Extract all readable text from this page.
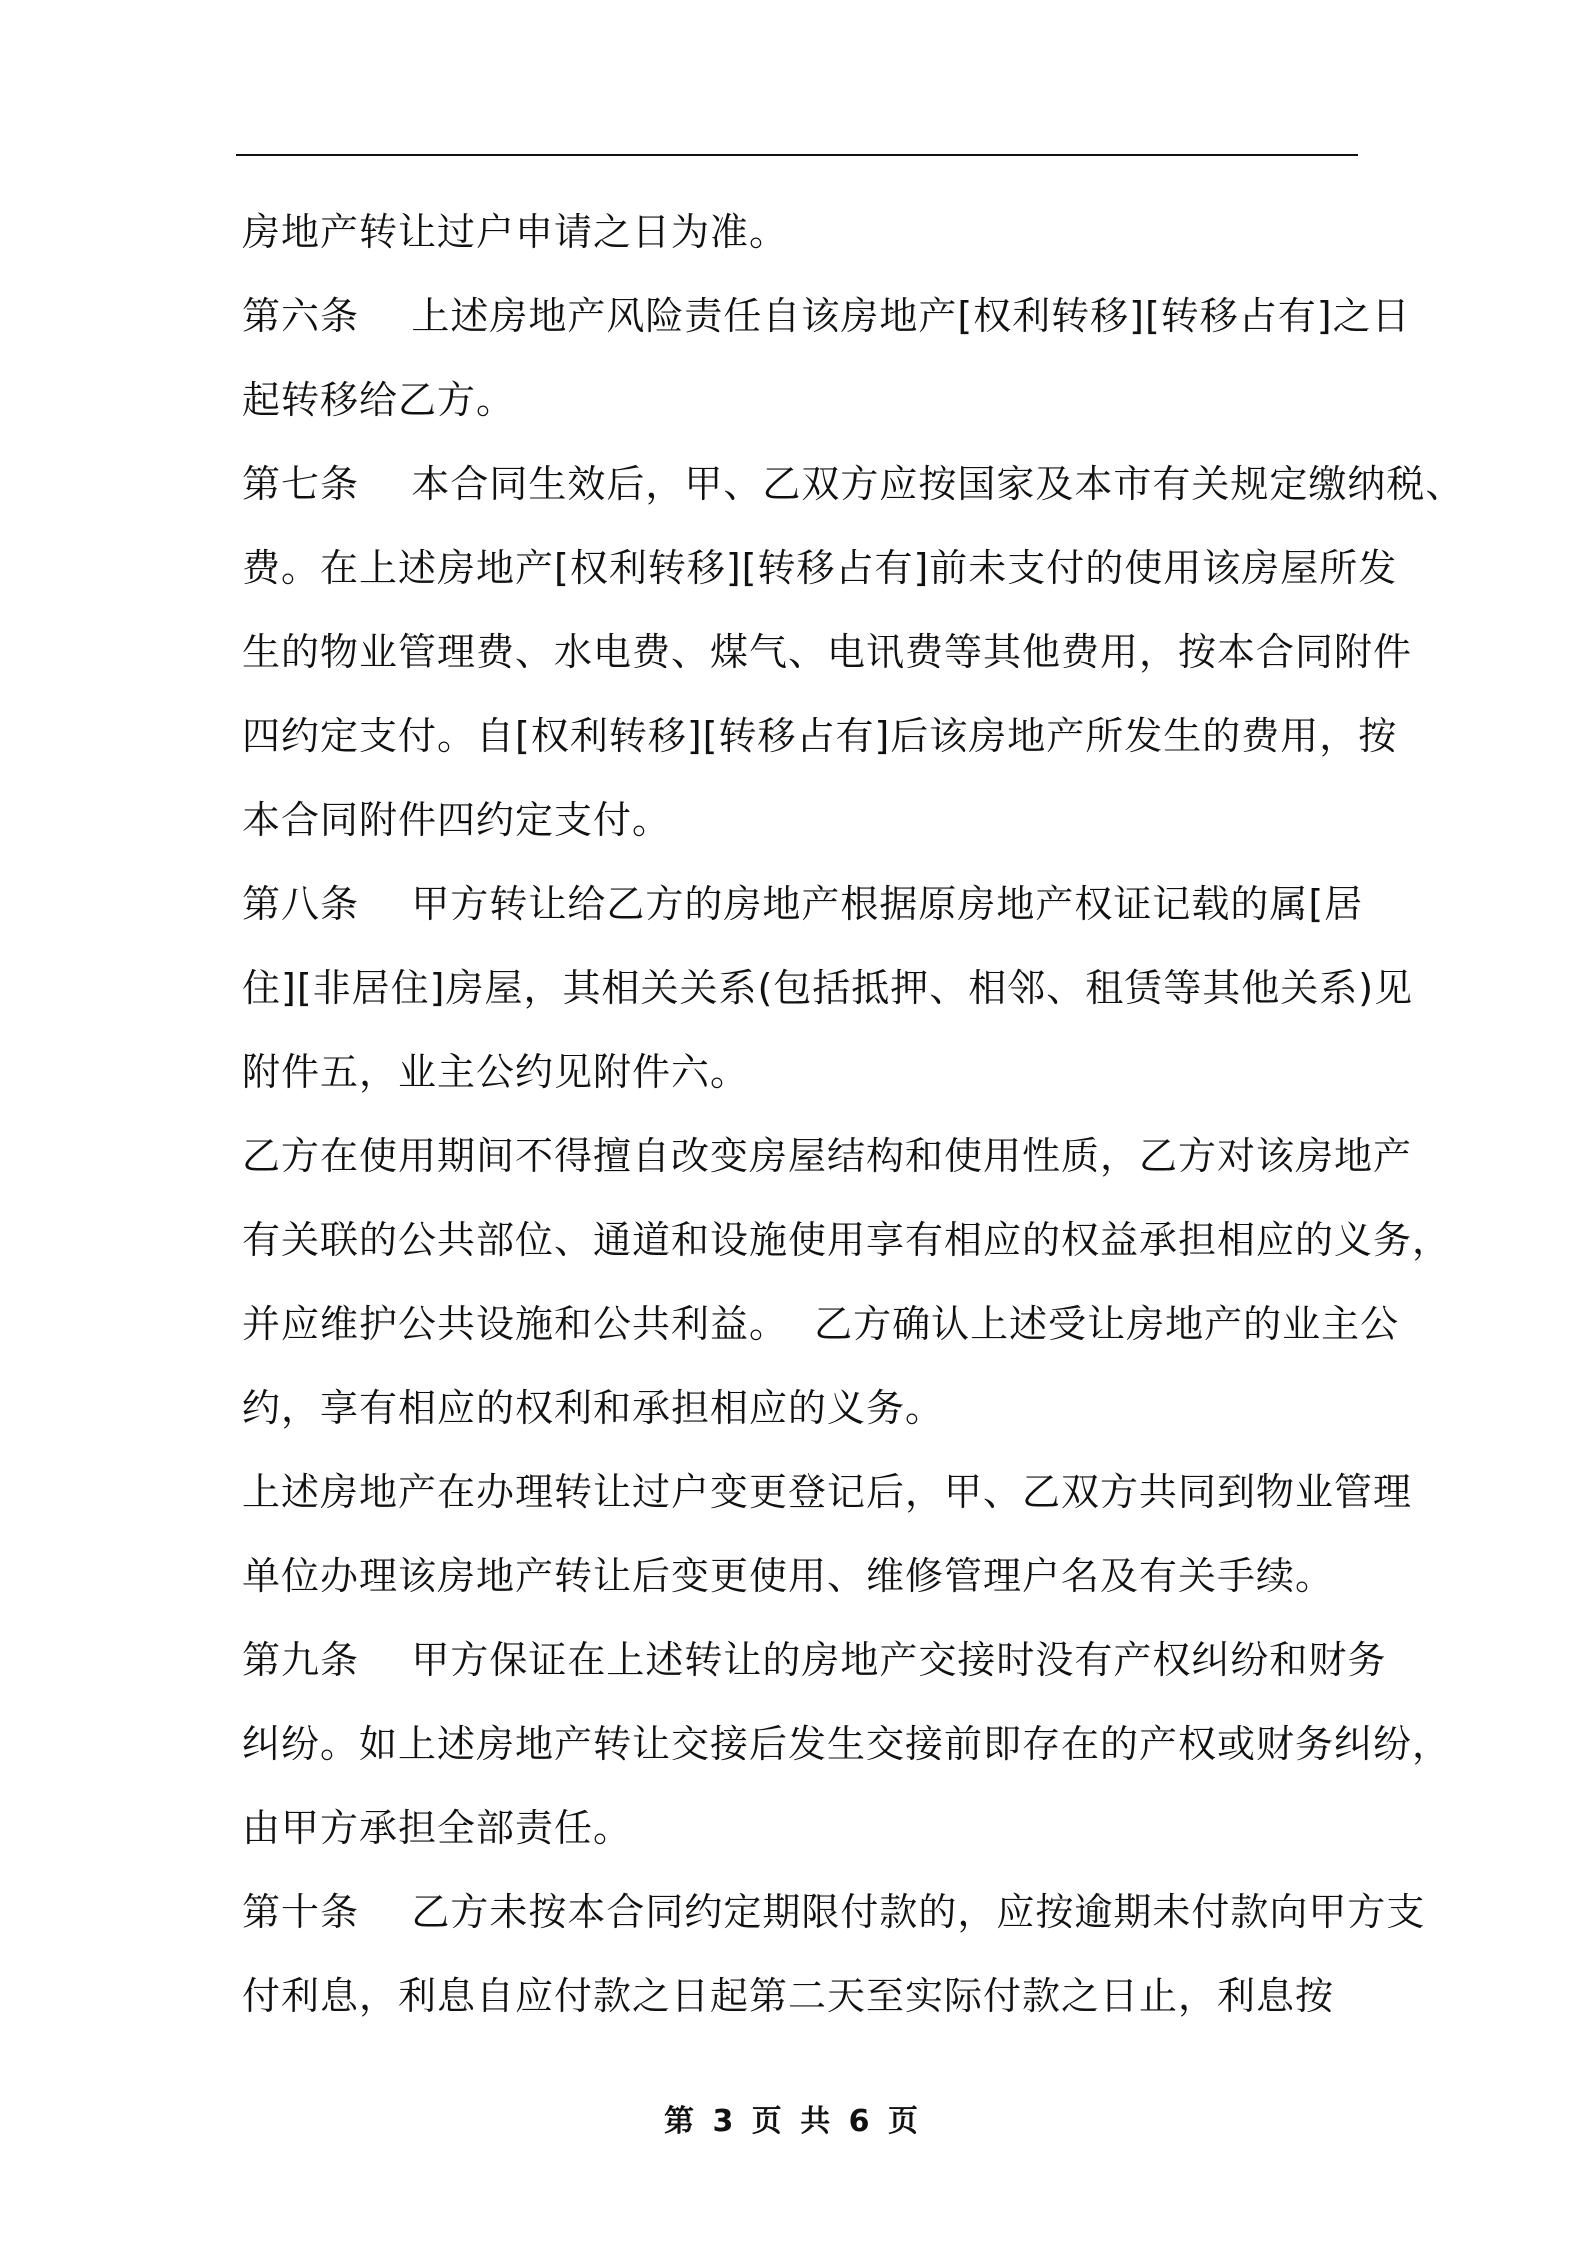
房地产转让过户申请之日为准。
第六条    上述房地产风险责任自该房地产[权利转移][转移占有]之日
起转移给乙方。
第七条    本合同生效后，甲、乙双方应按国家及本市有关规定缴纳税、
费。在上述房地产[权利转移][转移占有]前未支付的使用该房屋所发
生的物业管理费、水电费、煤气、电讯费等其他费用，按本合同附件
四约定支付。自[权利转移][转移占有]后该房地产所发生的费用，按
本合同附件四约定支付。
第八条    甲方转让给乙方的房地产根据原房地产权证记载的属[居
住][非居住]房屋，其相关关系(包括抵押、相邻、租赁等其他关系)见
附件五，业主公约见附件六。
乙方在使用期间不得擅自改变房屋结构和使用性质，乙方对该房地产
有关联的公共部位、通道和设施使用享有相应的权益承担相应的义务，
并应维护公共设施和公共利益。  乙方确认上述受让房地产的业主公
约，享有相应的权利和承担相应的义务。
上述房地产在办理转让过户变更登记后，甲、乙双方共同到物业管理
单位办理该房地产转让后变更使用、维修管理户名及有关手续。
第九条    甲方保证在上述转让的房地产交接时没有产权纠纷和财务
纠纷。如上述房地产转让交接后发生交接前即存在的产权或财务纠纷，
由甲方承担全部责任。
第十条    乙方未按本合同约定期限付款的，应按逾期未付款向甲方支
付利息，利息自应付款之日起第二天至实际付款之日止，利息按
第 3 页 共 6 页
